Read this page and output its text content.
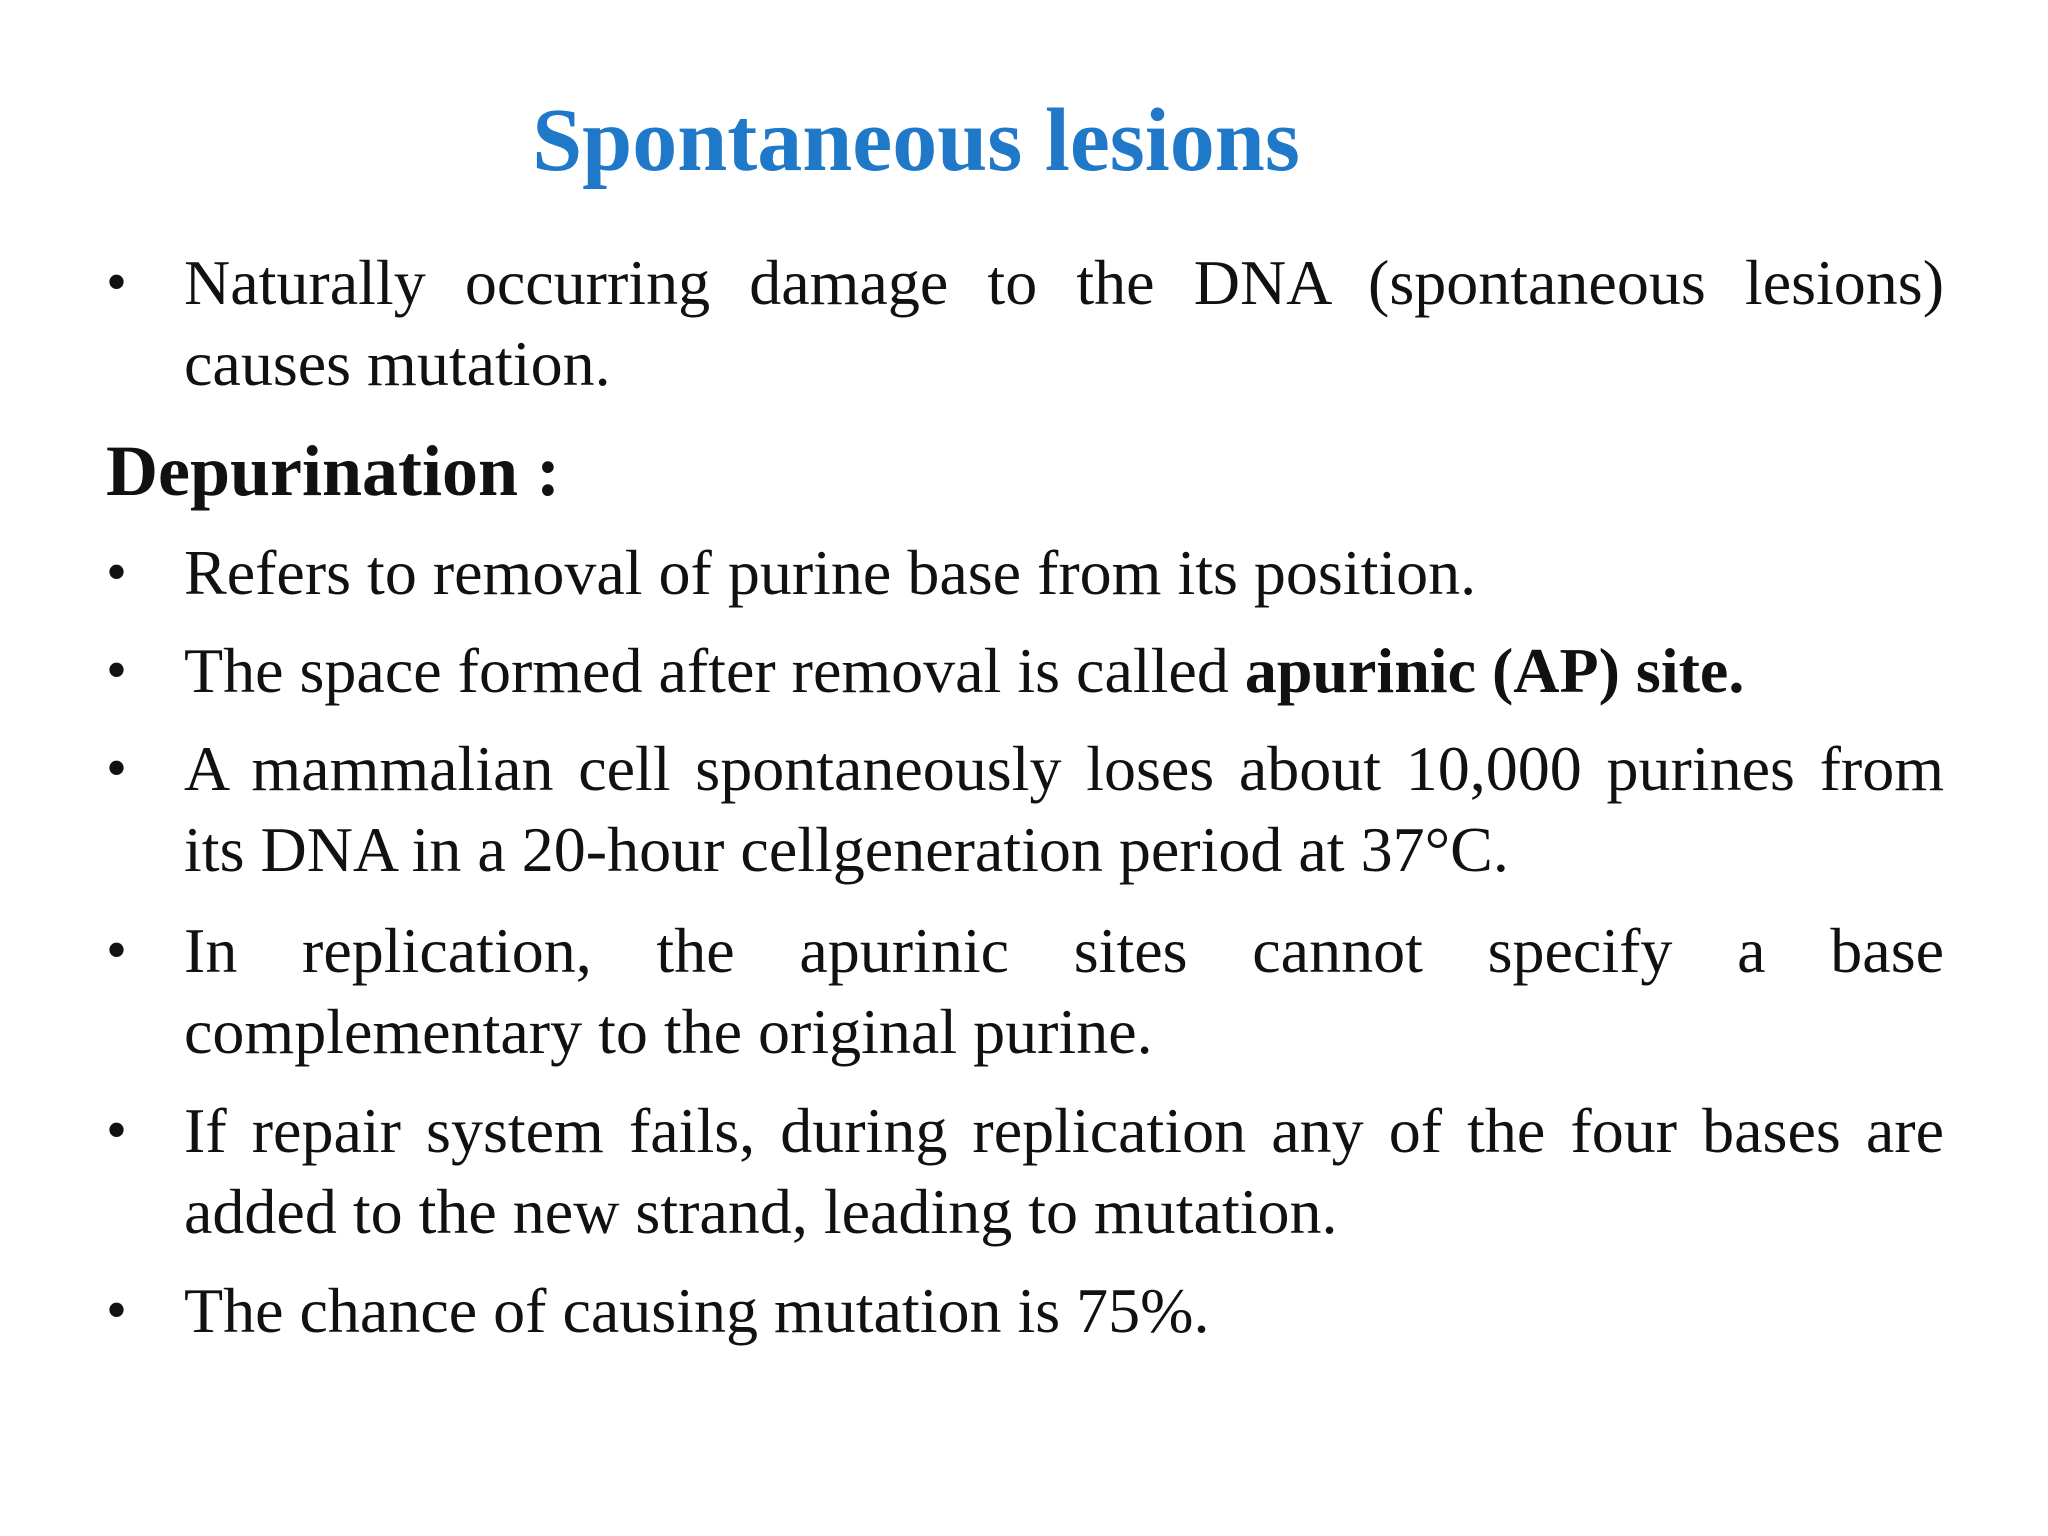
Spontaneous lesions
• Naturally occurring damage to the DNA (spontaneous lesions) causes mutation.
Depurination :
• Refers to removal of purine base from its position.
• The space formed after removal is called apurinic (AP) site.
• A mammalian cell spontaneously loses about 10,000 purines from its DNA in a 20-hour cellgeneration period at 37°C.
• In replication, the apurinic sites cannot specify a base complementary to the original purine.
• If repair system fails, during replication any of the four bases are added to the new strand, leading to mutation.
• The chance of causing mutation is 75%.
